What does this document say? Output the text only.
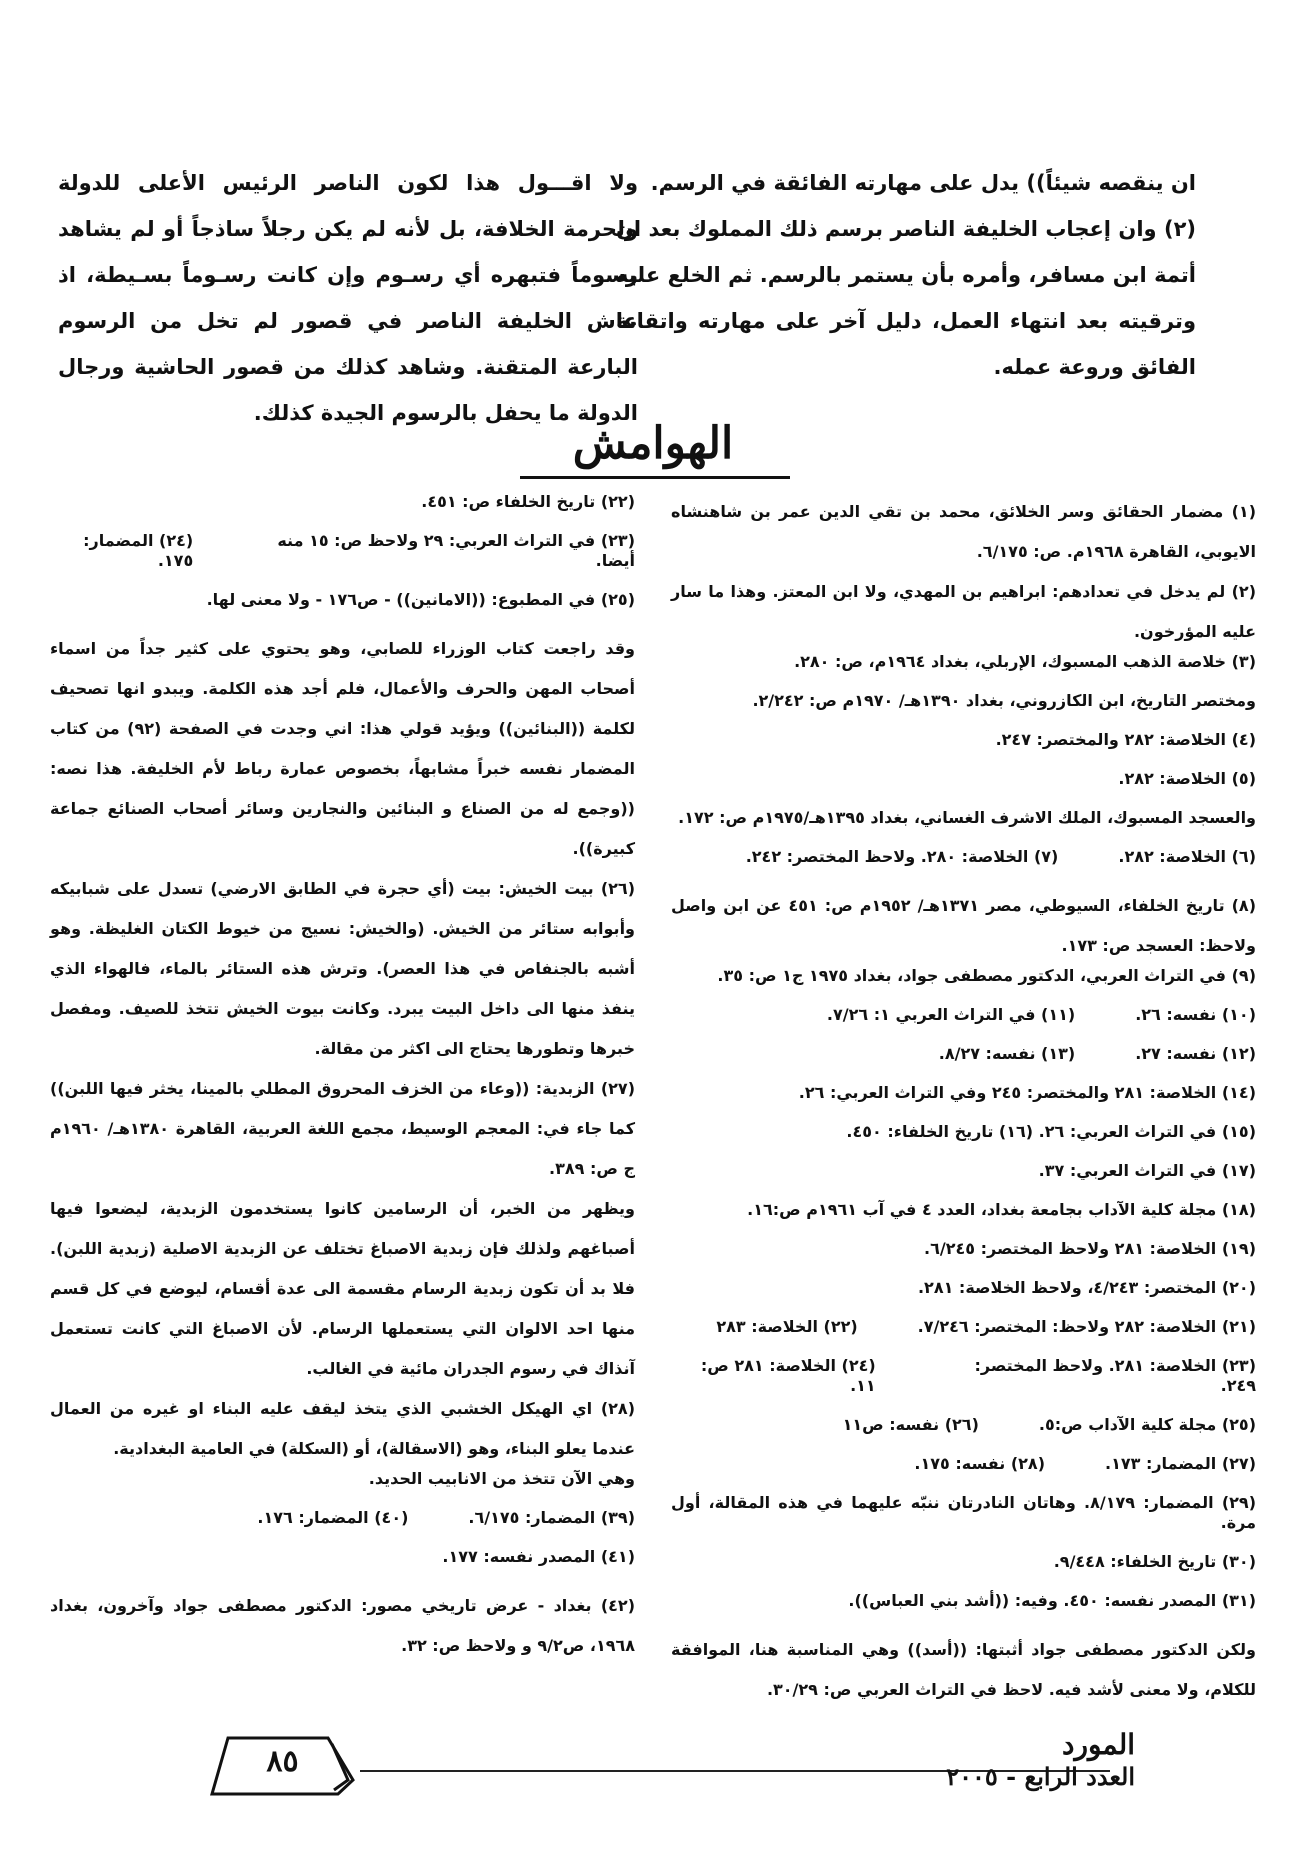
ان ينقصه شيئاً)) يدل على مهارته الفائقة في الرسم.

(٢) وان إعجاب الخليفة الناصر برسم ذلك المملوك بعد ان أتمة ابن مسافر، وأمره بأن يستمر بالرسم. ثم الخلع عليه وترقيته بعد انتهاء العمل، دليل آخر على مهارته واتقانة الفائق وروعة عمله.

ولا اقـــول هذا لكون الناصر الرئيس الأعلى للدولة ولحرمة الخلافة، بل لأنه لم يكن رجلاً ساذجاً أو لم يشاهد رسوماً فتبهره أي رسـوم وإن كانت رسـوماً بسـيطة، اذ عاش الخليفة الناصر في قصور لم تخل من الرسوم البارعة المتقنة. وشاهد كذلك من قصور الحاشية ورجال الدولة ما يحفل بالرسوم الجيدة كذلك.

الهوامش

(١) مضمار الحقائق وسر الخلائق، محمد بن تقي الدين عمر بن شاهنشاه الايوبي، القاهرة ١٩٦٨م. ص: ٦/١٧٥.

(٢) لم يدخل في تعدادهم: ابراهيم بن المهدي، ولا ابن المعتز. وهذا ما سار عليه المؤرخون.

(٣) خلاصة الذهب المسبوك، الإربلي، بغداد ١٩٦٤م، ص: ٢٨٠.

ومختصر التاريخ، ابن الكازروني، بغداد ١٣٩٠هـ/ ١٩٧٠م ص: ٢/٢٤٢.

(٤) الخلاصة: ٢٨٢ والمختصر: ٢٤٧.

(٥) الخلاصة: ٢٨٢.

والعسجد المسبوك، الملك الاشرف الغساني، بغداد ١٣٩٥هـ/١٩٧٥م ص: ١٧٢.

(٦) الخلاصة: ٢٨٢.
(٧) الخلاصة: ٢٨٠. ولاحظ المختصر: ٢٤٢.

(٨) تاريخ الخلفاء، السيوطي، مصر ١٣٧١هـ/ ١٩٥٢م ص: ٤٥١ عن ابن واصل ولاحظ: العسجد ص: ١٧٣.

(٩) في التراث العربي، الدكتور مصطفى جواد، بغداد ١٩٧٥ ج١ ص: ٣٥.

(١٠) نفسه: ٢٦.
(١١) في التراث العربي ١: ٧/٢٦.
(١٢) نفسه: ٢٧.
(١٣) نفسه: ٨/٢٧.

(١٤) الخلاصة: ٢٨١ والمختصر: ٢٤٥ وفي التراث العربي: ٢٦.

(١٥) في التراث العربي: ٢٦. (١٦) تاريخ الخلفاء: ٤٥٠.

(١٧) في التراث العربي: ٣٧.

(١٨) مجلة كلية الآداب بجامعة بغداد، العدد ٤ في آب ١٩٦١م ص:١٦.

(١٩) الخلاصة: ٢٨١ ولاحظ المختصر: ٦/٢٤٥.

(٢٠) المختصر: ٤/٢٤٣، ولاحظ الخلاصة: ٢٨١.

(٢١) الخلاصة: ٢٨٢ ولاحظ: المختصر: ٧/٢٤٦.
(٢٢) الخلاصة: ٢٨٣
(٢٣) الخلاصة: ٢٨١. ولاحظ المختصر: ٢٤٩.
(٢٤) الخلاصة: ٢٨١ ص: ١١.
(٢٥) مجلة كلية الآداب ص:٥.
(٢٦) نفسه: ص١١
(٢٧) المضمار: ١٧٣.
(٢٨) نفسه: ١٧٥.

(٢٩) المضمار: ٨/١٧٩. وهاتان النادرتان ننبّه عليهما في هذه المقالة، أول مرة.

(٣٠) تاريخ الخلفاء: ٩/٤٤٨.

(٣١) المصدر نفسه: ٤٥٠. وفيه: ((أشد بني العباس)).

ولكن الدكتور مصطفى جواد أثبتها: ((أسد)) وهي المناسبة هنا، الموافقة للكلام، ولا معنى لأشد فيه. لاحظ في التراث العربي ص: ٣٠/٢٩.

(٢٢) تاريخ الخلفاء ص: ٤٥١.

(٢٣) في التراث العربي: ٢٩ ولاحظ ص: ١٥ منه أيضا.
(٢٤) المضمار: ١٧٥.

(٢٥) في المطبوع: ((الامانين)) - ص١٧٦ - ولا معنى لها.

وقد راجعت كتاب الوزراء للصابي، وهو يحتوي على كثير جداً من اسماء أصحاب المهن والحرف والأعمال، فلم أجد هذه الكلمة. ويبدو انها تصحيف لكلمة ((البنائين)) ويؤيد قولي هذا: اني وجدت في الصفحة (٩٢) من كتاب المضمار نفسه خبراً مشابهاً، بخصوص عمارة رباط لأم الخليفة. هذا نصه: ((وجمع له من الصناع و البنائين والنجارين وسائر أصحاب الصنائع جماعة كبيرة)).

(٢٦) بيت الخيش: بيت (أي حجرة في الطابق الارضي) تسدل على شبابيكه وأبوابه ستائر من الخيش. (والخيش: نسيج من خيوط الكتان الغليظة. وهو أشبه بالجنفاص في هذا العصر). وترش هذه الستائر بالماء، فالهواء الذي ينفذ منها الى داخل البيت يبرد. وكانت بيوت الخيش تتخذ للصيف. ومفصل خبرها وتطورها يحتاج الى اكثر من مقالة.

(٢٧) الزبدية: ((وعاء من الخزف المحروق المطلي بالمينا، يخثر فيها اللبن)) كما جاء في: المعجم الوسيط، مجمع اللغة العربية، القاهرة ١٣٨٠هـ/ ١٩٦٠م ج ص: ٣٨٩.

ويظهر من الخبر، أن الرسامين كانوا يستخدمون الزبدية، ليضعوا فيها أصباغهم ولذلك فإن زبدية الاصباغ تختلف عن الزبدية الاصلية (زبدية اللبن). فلا بد أن تكون زبدية الرسام مقسمة الى عدة أقسام، ليوضع في كل قسم منها احد الالوان التي يستعملها الرسام. لأن الاصباغ التي كانت تستعمل آنذاك في رسوم الجدران مائية في الغالب.

(٢٨) اي الهيكل الخشبي الذي يتخذ ليقف عليه البناء او غيره من العمال عندما يعلو البناء، وهو (الاسقالة)، أو (السكلة) في العامية البغدادية.

وهي الآن تتخذ من الانابيب الحديد.

(٣٩) المضمار: ٦/١٧٥.
(٤٠) المضمار: ١٧٦.

(٤١) المصدر نفسه: ١٧٧.

(٤٢) بغداد - عرض تاريخي مصور: الدكتور مصطفى جواد وآخرون، بغداد ١٩٦٨، ص٩/٢ و ولاحظ ص: ٣٢.

٨٥	المورد
العدد الرابع - ٢٠٠٥
